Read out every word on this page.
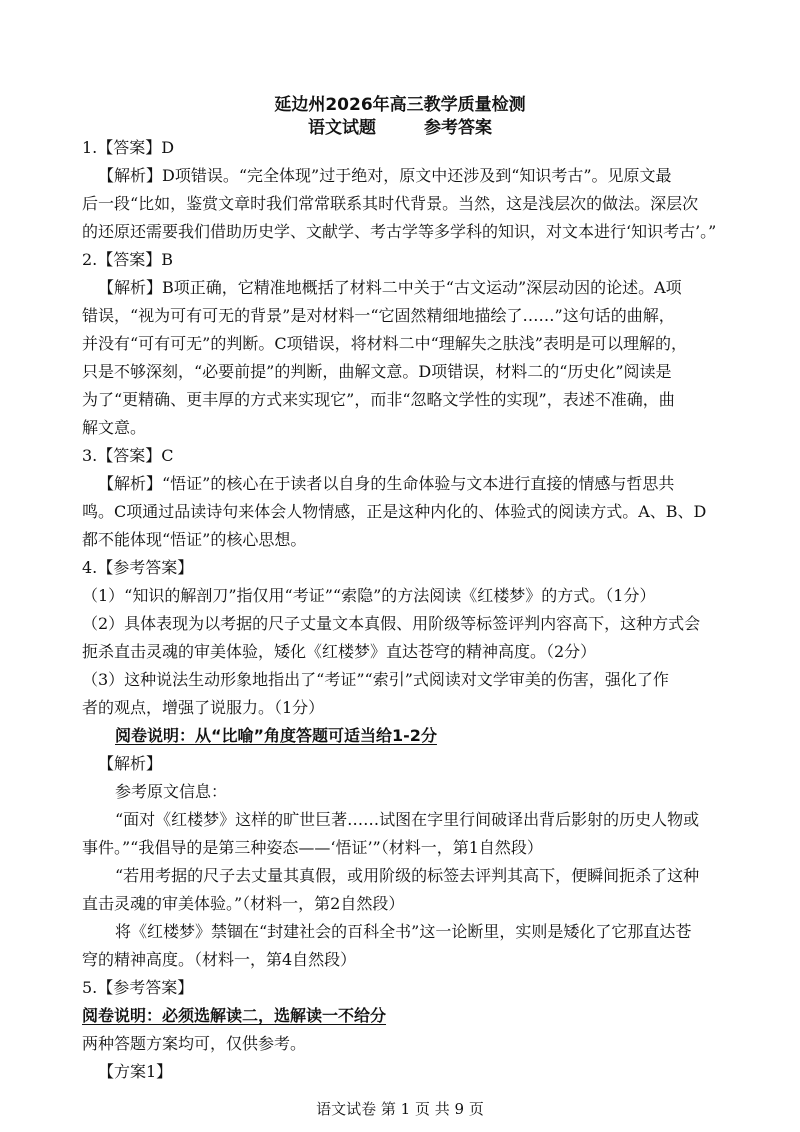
延边州2026年高三教学质量检测
语文试题	参考答案
1.【答案】D
【解析】D项错误。“完全体现”过于绝对，原文中还涉及到“知识考古”。见原文最
后一段“比如，鉴赏文章时我们常常联系其时代背景。当然，这是浅层次的做法。深层次
的还原还需要我们借助历史学、文献学、考古学等多学科的知识，对文本进行‘知识考古’。”
2.【答案】B
【解析】B项正确，它精准地概括了材料二中关于“古文运动”深层动因的论述。A项
错误，“视为可有可无的背景”是对材料一“它固然精细地描绘了……”这句话的曲解，
并没有“可有可无”的判断。C项错误，将材料二中“理解失之肤浅”表明是可以理解的，
只是不够深刻，“必要前提”的判断，曲解文意。D项错误，材料二的“历史化”阅读是
为了“更精确、更丰厚的方式来实现它”，而非“忽略文学性的实现”，表述不准确，曲
解文意。
3.【答案】C
【解析】“悟证”的核心在于读者以自身的生命体验与文本进行直接的情感与哲思共
鸣。C项通过品读诗句来体会人物情感，正是这种内化的、体验式的阅读方式。A、B、D
都不能体现“悟证”的核心思想。
4.【参考答案】
（1）“知识的解剖刀”指仅用“考证”“索隐”的方法阅读《红楼梦》的方式。（1分）
（2）具体表现为以考据的尺子丈量文本真假、用阶级等标签评判内容高下，这种方式会
扼杀直击灵魂的审美体验，矮化《红楼梦》直达苍穹的精神高度。（2分）
（3）这种说法生动形象地指出了“考证”“索引”式阅读对文学审美的伤害，强化了作
者的观点，增强了说服力。（1分）
阅卷说明：从“比喻”角度答题可适当给1-2分
【解析】
参考原文信息：
“面对《红楼梦》这样的旷世巨著……试图在字里行间破译出背后影射的历史人物或
事件。”“我倡导的是第三种姿态——‘悟证’”（材料一，第1自然段）
“若用考据的尺子去丈量其真假，或用阶级的标签去评判其高下，便瞬间扼杀了这种
直击灵魂的审美体验。”（材料一，第2自然段）
将《红楼梦》禁锢在“封建社会的百科全书”这一论断里，实则是矮化了它那直达苍
穹的精神高度。（材料一，第4自然段）
5.【参考答案】
阅卷说明：必须选解读二，选解读一不给分
两种答题方案均可，仅供参考。
【方案1】
语文试卷 第 1 页 共 9 页
